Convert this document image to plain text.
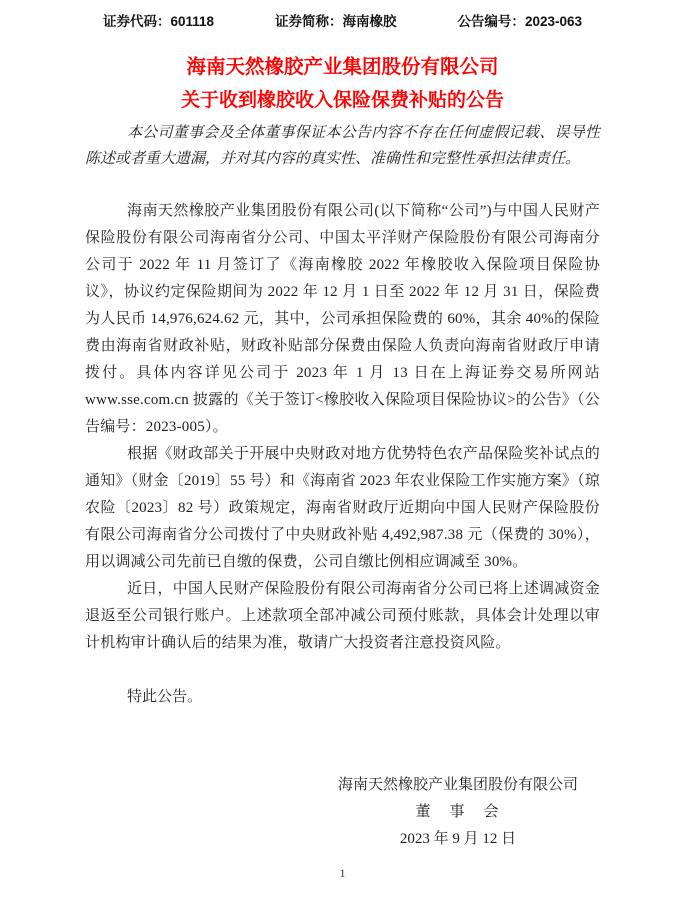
证券代码：601118	证券简称：海南橡胶	公告编号：2023-063
海南天然橡胶产业集团股份有限公司
关于收到橡胶收入保险保费补贴的公告
本公司董事会及全体董事保证本公告内容不存在任何虚假记载、误导性陈述或者重大遗漏，并对其内容的真实性、准确性和完整性承担法律责任。

海南天然橡胶产业集团股份有限公司(以下简称“公司”)与中国人民财产保险股份有限公司海南省分公司、中国太平洋财产保险股份有限公司海南分公司于 2022 年 11 月签订了《海南橡胶 2022 年橡胶收入保险项目保险协议》，协议约定保险期间为 2022 年 12 月 1 日至 2022 年 12 月 31 日，保险费为人民币 14,976,624.62 元，其中，公司承担保险费的 60%，其余 40%的保险费由海南省财政补贴，财政补贴部分保费由保险人负责向海南省财政厅申请拨付。具体内容详见公司于 2023 年 1 月 13 日在上海证券交易所网站 www.sse.com.cn 披露的《关于签订<橡胶收入保险项目保险协议>的公告》（公告编号：2023-005）。

根据《财政部关于开展中央财政对地方优势特色农产品保险奖补试点的通知》（财金〔2019〕55 号）和《海南省 2023 年农业保险工作实施方案》（琼农险〔2023〕82 号）政策规定，海南省财政厅近期向中国人民财产保险股份有限公司海南省分公司拨付了中央财政补贴 4,492,987.38 元（保费的 30%），用以调减公司先前已自缴的保费，公司自缴比例相应调减至 30%。

近日，中国人民财产保险股份有限公司海南省分公司已将上述调减资金退返至公司银行账户。上述款项全部冲减公司预付账款，具体会计处理以审计机构审计确认后的结果为准，敬请广大投资者注意投资风险。

特此公告。
海南天然橡胶产业集团股份有限公司
董　事　会
2023 年 9 月 12 日
1
